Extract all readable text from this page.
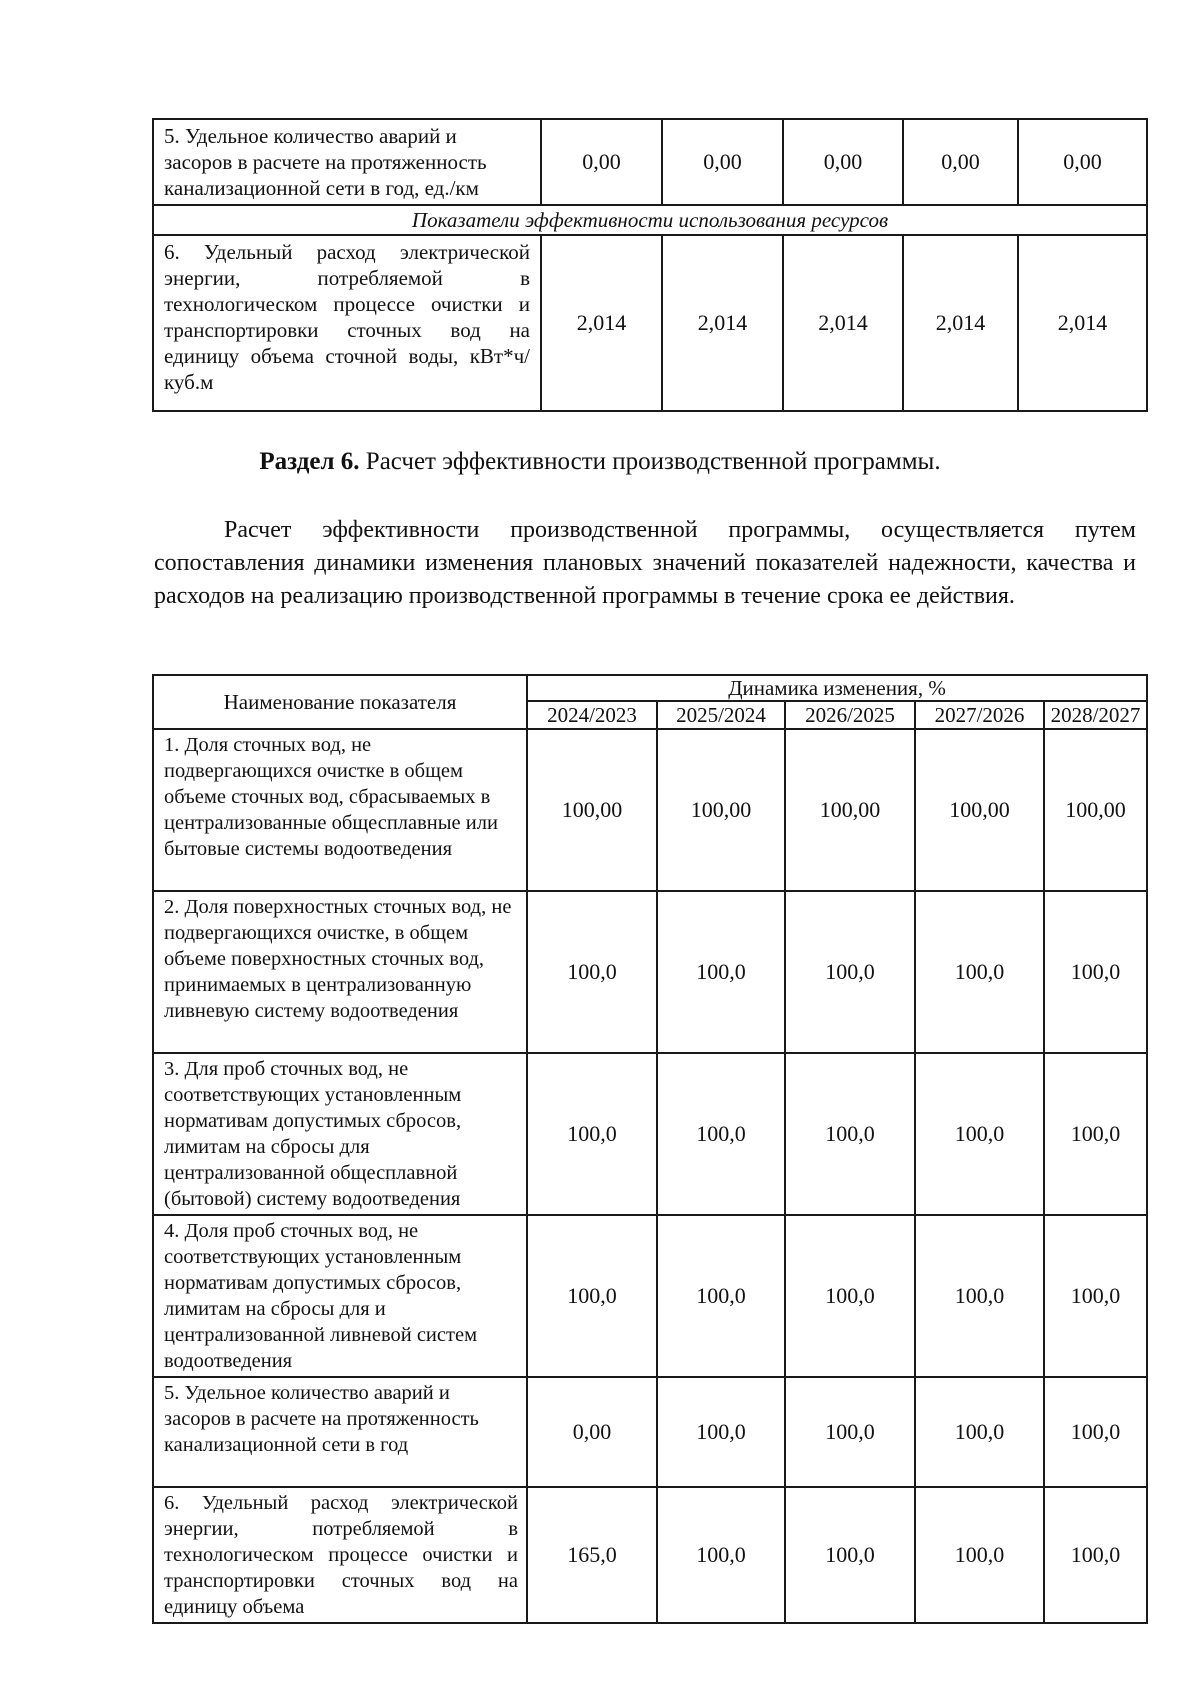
5. Удельное количество аварий и засоров в расчете на протяженность канализационной сети в год, ед./км	0,00	0,00	0,00	0,00	0,00
Показатели эффективности использования ресурсов					
6. Удельный расход электрической энергии, потребляемой в технологическом процессе очистки и транспортировки сточных вод на единицу объема сточной воды, кВт*ч/куб.м	2,014	2,014	2,014	2,014	2,014
Раздел 6. Расчет эффективности производственной программы.

Расчет эффективности производственной программы, осуществляется путем сопоставления динамики изменения плановых значений показателей надежности, качества и расходов на реализацию производственной программы в течение срока ее действия.

Наименование показателя	Динамика изменения, %				
	2024/2023	2025/2024	2026/2025	2027/2026	2028/2027
1. Доля сточных вод, не подвергающихся очистке в общем объеме сточных вод, сбрасываемых в централизованные общесплавные или бытовые системы водоотведения	100,00	100,00	100,00	100,00	100,00
2. Доля поверхностных сточных вод, не подвергающихся очистке, в общем объеме поверхностных сточных вод, принимаемых в централизованную ливневую систему водоотведения	100,0	100,0	100,0	100,0	100,0
3. Для проб сточных вод, не соответствующих установленным нормативам допустимых сбросов, лимитам на сбросы для централизованной общесплавной (бытовой) систему водоотведения	100,0	100,0	100,0	100,0	100,0
4. Доля проб сточных вод, не соответствующих установленным нормативам допустимых сбросов, лимитам на сбросы для и централизованной ливневой систем водоотведения	100,0	100,0	100,0	100,0	100,0
5. Удельное количество аварий и засоров в расчете на протяженность канализационной сети в год	0,00	100,0	100,0	100,0	100,0
6. Удельный расход электрической энергии, потребляемой в технологическом процессе очистки и транспортировки сточных вод на единицу объема	165,0	100,0	100,0	100,0	100,0
